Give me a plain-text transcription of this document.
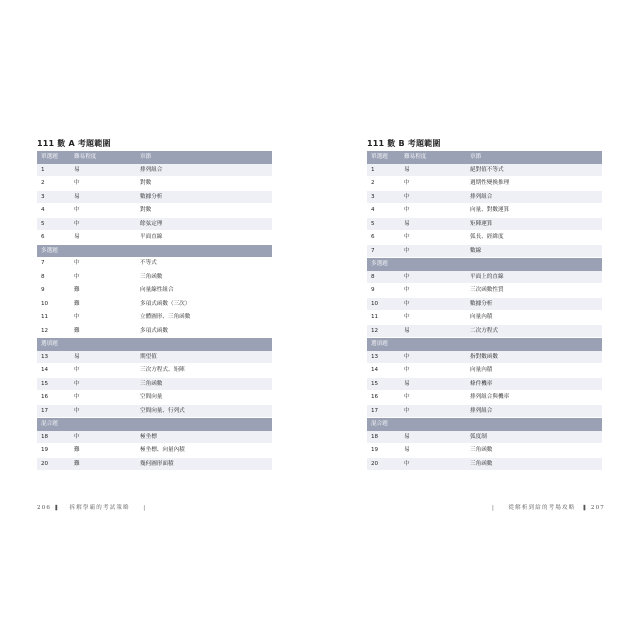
111 數 A 考題範圍
單選題	難易程度	章節
1	易	排列組合
2	中	對數
3	易	數據分析
4	中	對數
5	中	餘弦定理
6	易	平面直線
多選題		
7	中	不等式
8	中	三角函數
9	難	向量線性組合
10	難	多項式函數（三次）
11	中	立體圖形、三角函數
12	難	多項式函數
選填題		
13	易	期望值
14	中	三次方程式、矩陣
15	中	三角函數
16	中	空間向量
17	中	空間向量、行列式
混合題		
18	中	極坐標
19	難	極坐標、向量內積
20	難	幾何圖形面積
111 數 B 考題範圍
單選題	難易程度	章節
1	易	絕對值不等式
2	中	週期性變換推理
3	中	排列組合
4	中	向量、對數運算
5	易	矩陣運算
6	中	弧長、經緯度
7	中	數線
多選題		
8	中	平面上的直線
9	中	三次函數性質
10	中	數據分析
11	中	向量內積
12	易	二次方程式
選填題		
13	中	指對數函數
14	中	向量內積
15	易	條件機率
16	中	排列組合與機率
17	中	排列組合
混合題		
18	易	弧度制
19	易	三角函數
20	中	三角函數
206 ❚ 　拆解學霸的考試策略　　|	|　　從解析到給的考場攻略　❚ 207
